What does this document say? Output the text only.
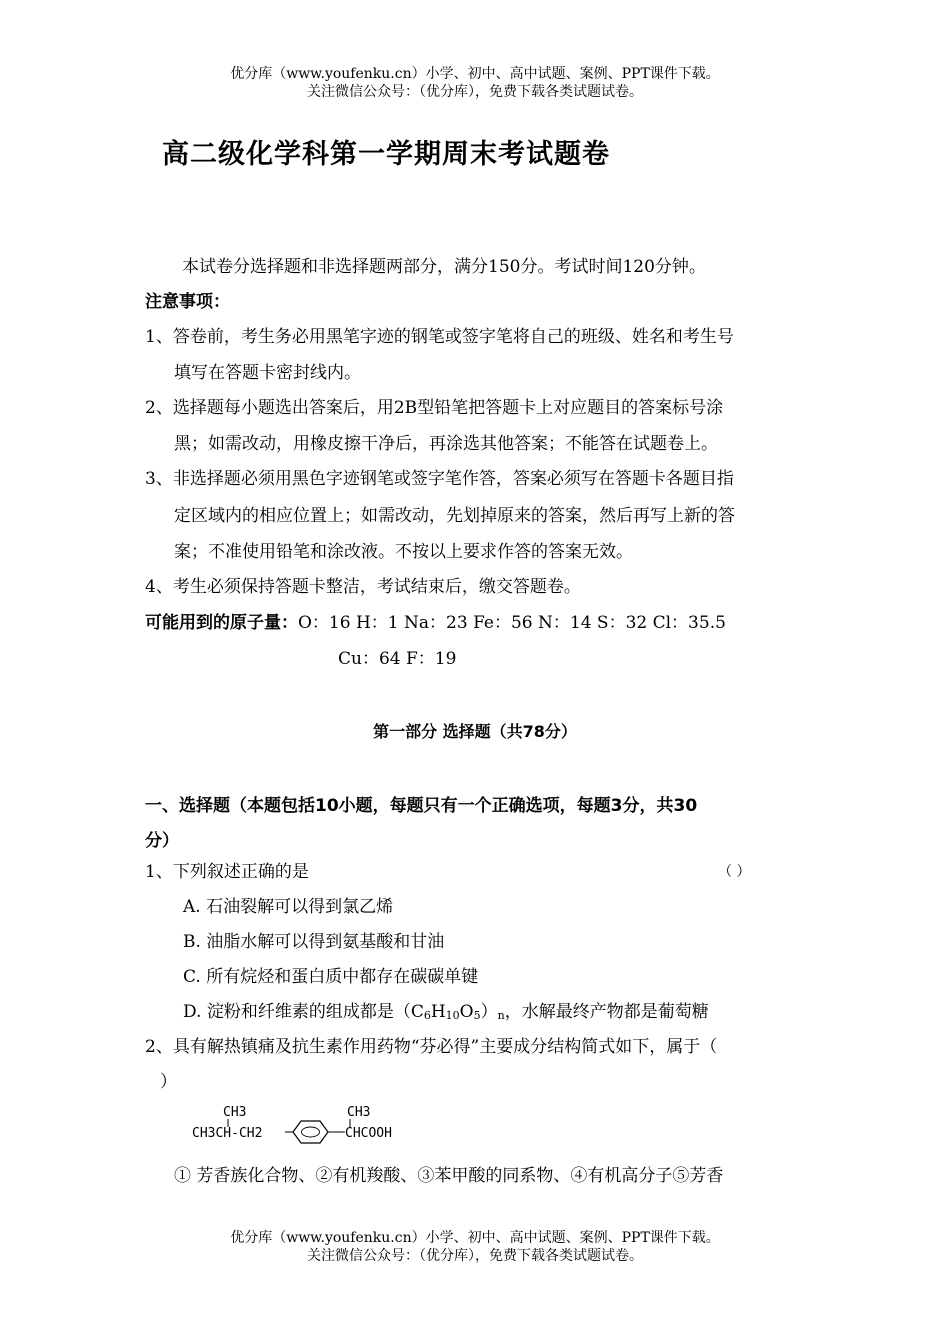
优分库（www.youfenku.cn）小学、初中、高中试题、案例、PPT课件下载。
关注微信公众号：（优分库），免费下载各类试题试卷。
高二级化学科第一学期周末考试题卷
本试卷分选择题和非选择题两部分，满分150分。考试时间120分钟。
注意事项：
1、答卷前，考生务必用黑笔字迹的钢笔或签字笔将自己的班级、姓名和考生号
填写在答题卡密封线内。
2、选择题每小题选出答案后，用2B型铅笔把答题卡上对应题目的答案标号涂
黑；如需改动，用橡皮擦干净后，再涂选其他答案；不能答在试题卷上。
3、非选择题必须用黑色字迹钢笔或签字笔作答，答案必须写在答题卡各题目指
定区域内的相应位置上；如需改动，先划掉原来的答案，然后再写上新的答
案；不准使用铅笔和涂改液。不按以上要求作答的答案无效。
4、考生必须保持答题卡整洁，考试结束后，缴交答题卷。
可能用到的原子量：O：16 H：1 Na：23 Fe：56 N：14 S：32 Cl：35.5
Cu：64 F：19
第一部分 选择题（共78分）
一、选择题（本题包括10小题，每题只有一个正确选项，每题3分，共30
分）
1、下列叙述正确的是	（ ）
A. 石油裂解可以得到氯乙烯
B. 油脂水解可以得到氨基酸和甘油
C. 所有烷烃和蛋白质中都存在碳碳单键
D. 淀粉和纤维素的组成都是（C6H10O5）n，水解最终产物都是葡萄糖
2、具有解热镇痛及抗生素作用药物“芬必得”主要成分结构简式如下，属于（
）
CH3
CH3CH-CH2
CH3
CHCOOH
① 芳香族化合物、②有机羧酸、③苯甲酸的同系物、④有机高分子⑤芳香
优分库（www.youfenku.cn）小学、初中、高中试题、案例、PPT课件下载。
关注微信公众号：（优分库），免费下载各类试题试卷。
